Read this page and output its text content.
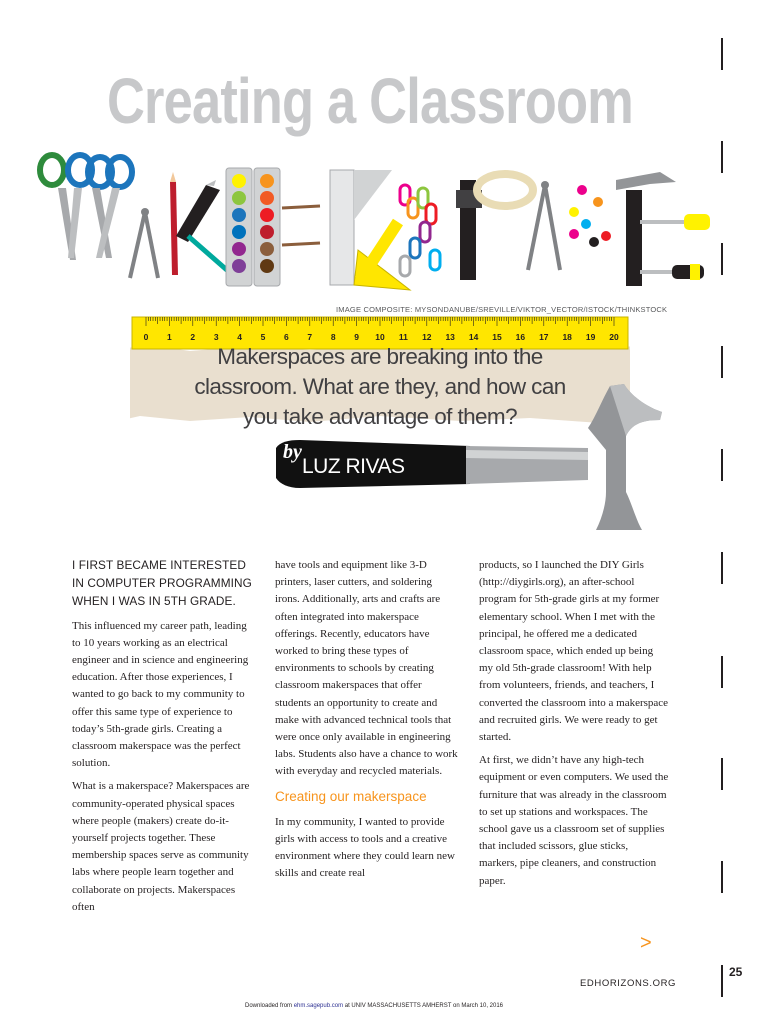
Creating a Classroom
IMAGE COMPOSITE: MYSONDANUBE/SREVILLE/VIKTOR_VECTOR/ISTOCK/THINKSTOCK
0 1 2 3 4 5 6 7 8 9 10 11 12 13 14 15 16 17 18 19 20
Makerspaces are breaking into the
classroom. What are they, and how can
you take advantage of them?
by
LUZ RIVAS

I FIRST BECAME INTERESTED IN COMPUTER PROGRAMMING WHEN I WAS IN 5TH GRADE.

This influenced my career path, leading to 10 years working as an electrical engineer and in science and engineering education. After those experiences, I wanted to go back to my community to offer this same type of experience to today’s 5th-grade girls. Creating a classroom makerspace was the perfect solution.

What is a makerspace? Makerspaces are community-operated physical spaces where people (makers) create do-it-yourself projects together. These membership spaces serve as community labs where people learn together and collaborate on projects. Makerspaces often

have tools and equipment like 3-D printers, laser cutters, and soldering irons. Additionally, arts and crafts are often integrated into makerspace offerings. Recently, educators have worked to bring these types of environments to schools by creating classroom makerspaces that offer students an opportunity to create and make with advanced technical tools that were once only available in engineering labs. Students also have a chance to work with everyday and recycled materials.

Creating our makerspace

In my community, I wanted to provide girls with access to tools and a creative environment where they could learn new skills and create real

products, so I launched the DIY Girls (http://diygirls.org), an after-school program for 5th-grade girls at my former elementary school. When I met with the principal, he offered me a dedicated classroom space, which ended up being my old 5th-grade classroom! With help from volunteers, friends, and teachers, I converted the classroom into a makerspace and recruited girls. We were ready to get started.

At first, we didn’t have any high-tech equipment or even computers. We used the furniture that was already in the classroom to set up stations and workspaces. The school gave us a classroom set of supplies that included scissors, glue sticks, markers, pipe cleaners, and construction paper.

>
EDHORIZONS.ORG
25
Downloaded from ehm.sagepub.com at UNIV MASSACHUSETTS AMHERST on March 10, 2016
